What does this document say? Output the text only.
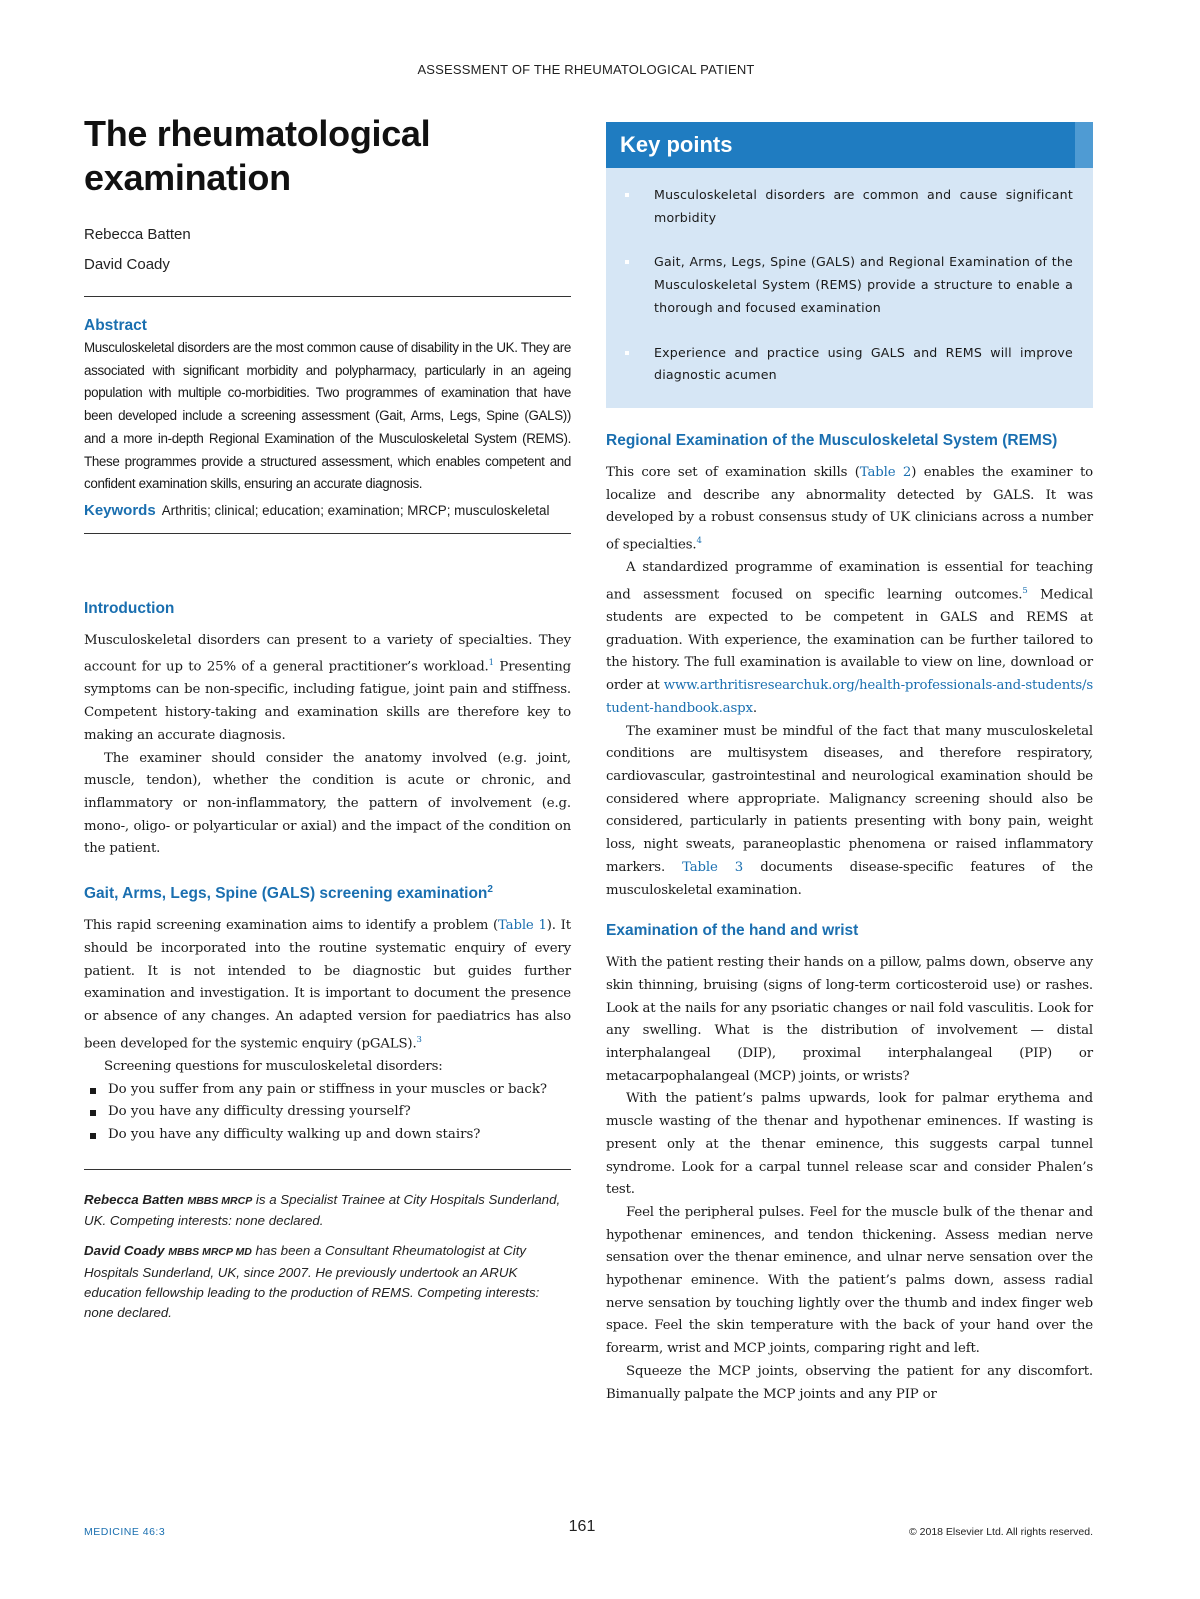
ASSESSMENT OF THE RHEUMATOLOGICAL PATIENT
The rheumatological
examination
Rebecca Batten
David Coady
Abstract

Musculoskeletal disorders are the most common cause of disability in the UK. They are associated with significant morbidity and polypharmacy, particularly in an ageing population with multiple co-morbidities. Two programmes of examination that have been developed include a screening assessment (Gait, Arms, Legs, Spine (GALS)) and a more in-depth Regional Examination of the Musculoskeletal System (REMS). These programmes provide a structured assessment, which enables competent and confident examination skills, ensuring an accurate diagnosis.

Keywords Arthritis; clinical; education; examination; MRCP; musculoskeletal

Introduction

Musculoskeletal disorders can present to a variety of specialties. They account for up to 25% of a general practitioner’s workload.$^1$ Presenting symptoms can be non-specific, including fatigue, joint pain and stiffness. Competent history-taking and examination skills are therefore key to making an accurate diagnosis.

The examiner should consider the anatomy involved (e.g. joint, muscle, tendon), whether the condition is acute or chronic, and inflammatory or non-inflammatory, the pattern of involvement (e.g. mono-, oligo- or polyarticular or axial) and the impact of the condition on the patient.

Gait, Arms, Legs, Spine (GALS) screening examination$^2$

This rapid screening examination aims to identify a problem (Table 1). It should be incorporated into the routine systematic enquiry of every patient. It is not intended to be diagnostic but guides further examination and investigation. It is important to document the presence or absence of any changes. An adapted version for paediatrics has also been developed for the systemic enquiry (pGALS).$^3$

Screening questions for musculoskeletal disorders:

Do you suffer from any pain or stiffness in your muscles or back?
Do you have any difficulty dressing yourself?
Do you have any difficulty walking up and down stairs?

Rebecca Batten MBBS MRCP is a Specialist Trainee at City Hospitals Sunderland, UK. Competing interests: none declared.

David Coady MBBS MRCP MD has been a Consultant Rheumatologist at City Hospitals Sunderland, UK, since 2007. He previously undertook an ARUK education fellowship leading to the production of REMS. Competing interests: none declared.

Key points
Musculoskeletal disorders are common and cause significant morbidity
Gait, Arms, Legs, Spine (GALS) and Regional Examination of the Musculoskeletal System (REMS) provide a structure to enable a thorough and focused examination
Experience and practice using GALS and REMS will improve diagnostic acumen
Regional Examination of the Musculoskeletal System (REMS)

This core set of examination skills (Table 2) enables the examiner to localize and describe any abnormality detected by GALS. It was developed by a robust consensus study of UK clinicians across a number of specialties.$^4$

A standardized programme of examination is essential for teaching and assessment focused on specific learning outcomes.$^5$ Medical students are expected to be competent in GALS and REMS at graduation. With experience, the examination can be further tailored to the history. The full examination is available to view on line, download or order at www.arthritisresearchuk.org/health-professionals-and-students/student-handbook.aspx.

The examiner must be mindful of the fact that many musculoskeletal conditions are multisystem diseases, and therefore respiratory, cardiovascular, gastrointestinal and neurological examination should be considered where appropriate. Malignancy screening should also be considered, particularly in patients presenting with bony pain, weight loss, night sweats, paraneoplastic phenomena or raised inflammatory markers. Table 3 documents disease-specific features of the musculoskeletal examination.

Examination of the hand and wrist

With the patient resting their hands on a pillow, palms down, observe any skin thinning, bruising (signs of long-term corticosteroid use) or rashes. Look at the nails for any psoriatic changes or nail fold vasculitis. Look for any swelling. What is the distribution of involvement — distal interphalangeal (DIP), proximal interphalangeal (PIP) or metacarpophalangeal (MCP) joints, or wrists?

With the patient’s palms upwards, look for palmar erythema and muscle wasting of the thenar and hypothenar eminences. If wasting is present only at the thenar eminence, this suggests carpal tunnel syndrome. Look for a carpal tunnel release scar and consider Phalen’s test.

Feel the peripheral pulses. Feel for the muscle bulk of the thenar and hypothenar eminences, and tendon thickening. Assess median nerve sensation over the thenar eminence, and ulnar nerve sensation over the hypothenar eminence. With the patient’s palms down, assess radial nerve sensation by touching lightly over the thumb and index finger web space. Feel the skin temperature with the back of your hand over the forearm, wrist and MCP joints, comparing right and left.

Squeeze the MCP joints, observing the patient for any discomfort. Bimanually palpate the MCP joints and any PIP or

MEDICINE 46:3	161	© 2018 Elsevier Ltd. All rights reserved.
